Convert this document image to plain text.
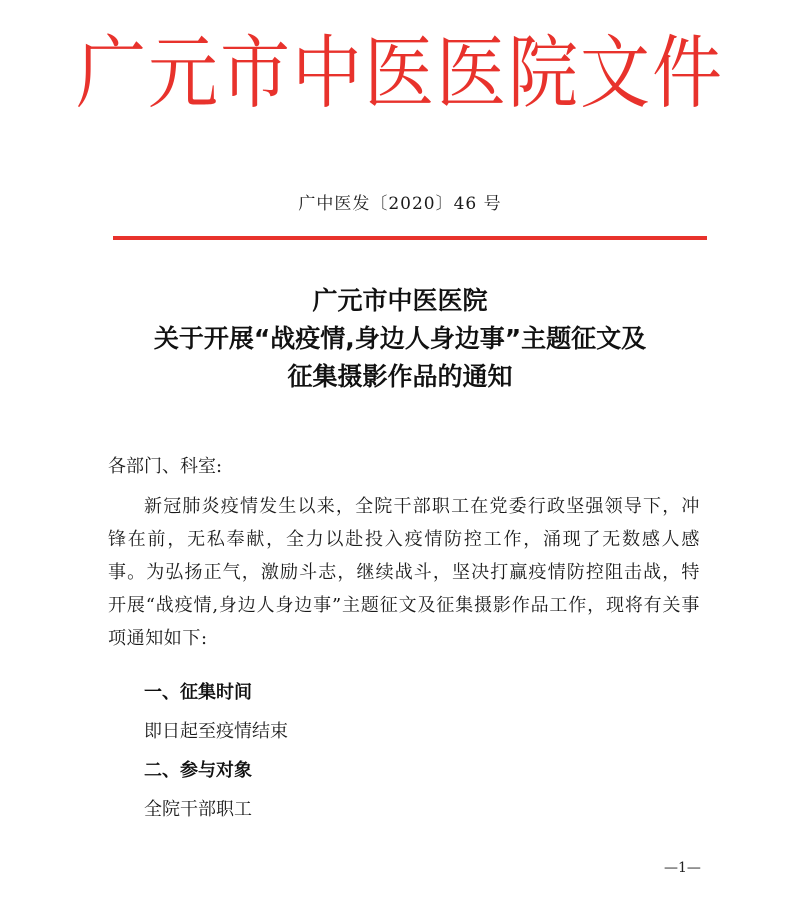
广元市中医医院文件
广中医发〔2020〕46 号
广元市中医医院
关于开展“战疫情,身边人身边事”主题征文及
征集摄影作品的通知
各部门、科室:
新冠肺炎疫情发生以来，全院干部职工在党委行政坚强领导下，冲锋在前，无私奉献，全力以赴投入疫情防控工作，涌现了无数感人感事。为弘扬正气，激励斗志，继续战斗，坚决打赢疫情防控阻击战，特开展“战疫情,身边人身边事”主题征文及征集摄影作品工作，现将有关事项通知如下:
一、征集时间
即日起至疫情结束
二、参与对象
全院干部职工
—1—
